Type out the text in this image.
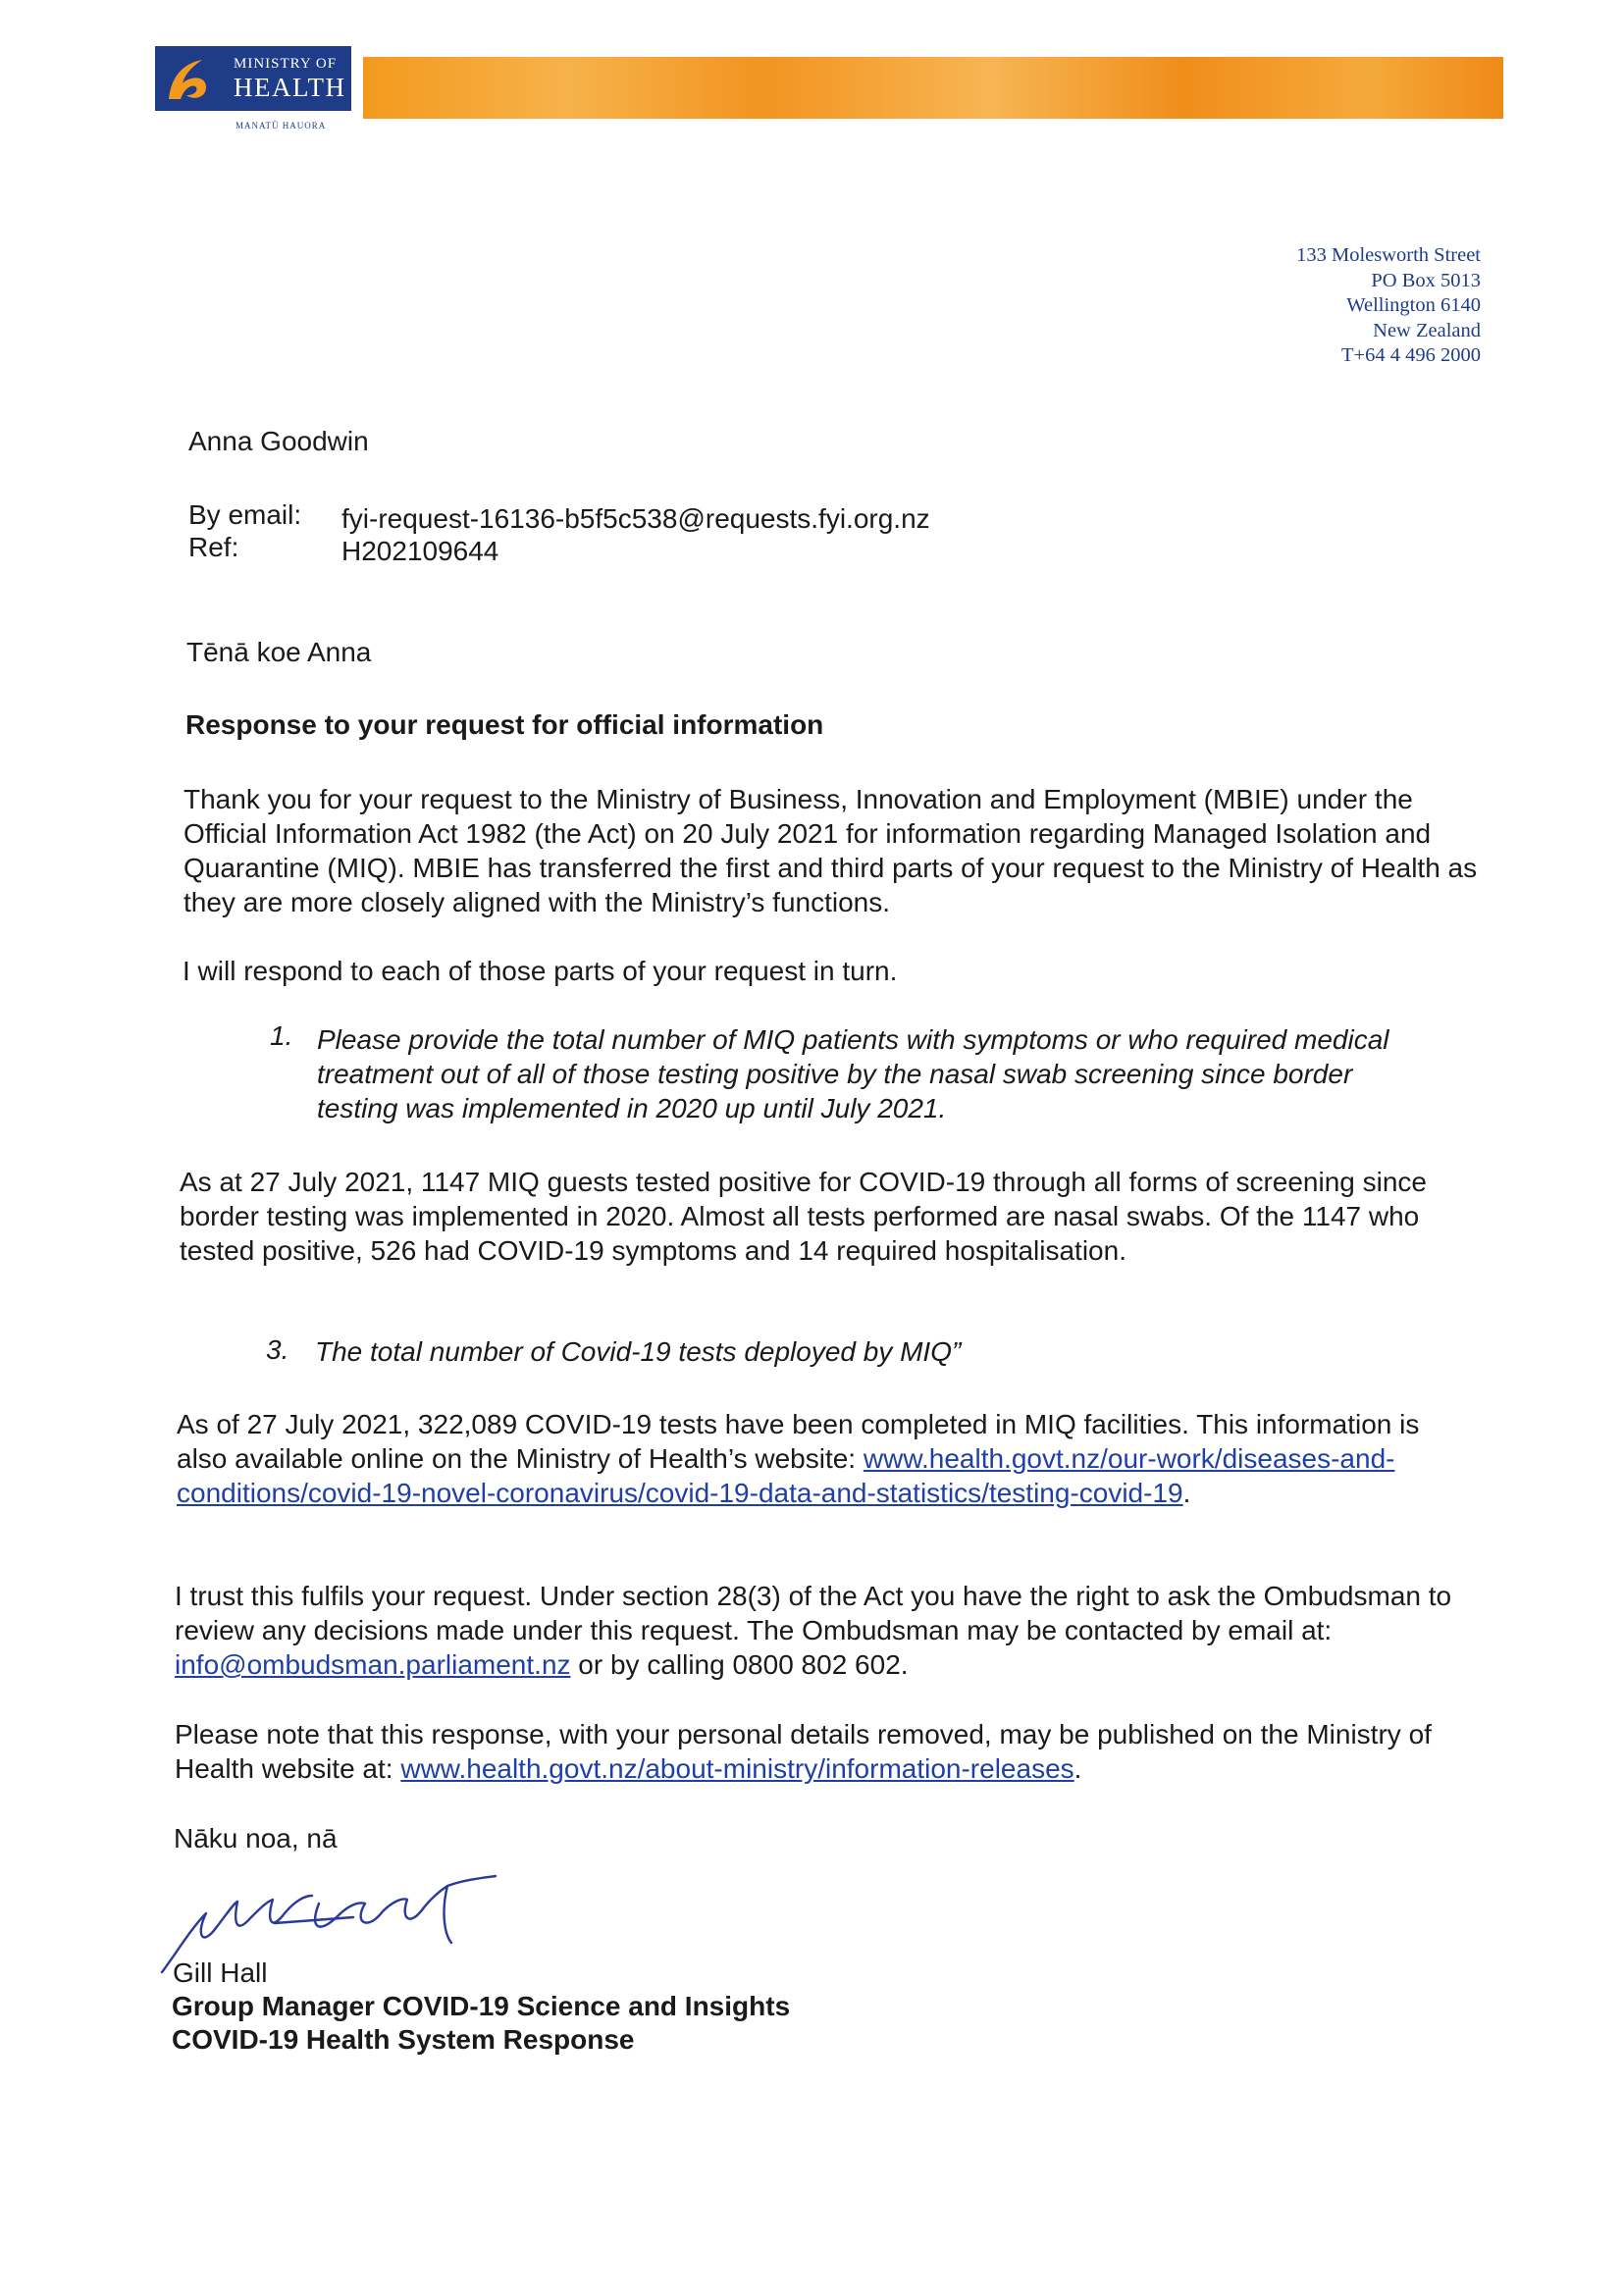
MINISTRY OF
HEALTH
MANATŪ HAUORA
133 Molesworth Street
PO Box 5013
Wellington 6140
New Zealand
T+64 4 496 2000
Anna Goodwin
By email: fyi-request-16136-b5f5c538@requests.fyi.org.nz
Ref:	H202109644
Tēnā koe Anna
Response to your request for official information
Thank you for your request to the Ministry of Business, Innovation and Employment (MBIE) under the Official Information Act 1982 (the Act) on 20 July 2021 for information regarding Managed Isolation and Quarantine (MIQ). MBIE has transferred the first and third parts of your request to the Ministry of Health as they are more closely aligned with the Ministry’s functions.
I will respond to each of those parts of your request in turn.
1. Please provide the total number of MIQ patients with symptoms or who required medical treatment out of all of those testing positive by the nasal swab screening since border testing was implemented in 2020 up until July 2021.
As at 27 July 2021, 1147 MIQ guests tested positive for COVID-19 through all forms of screening since border testing was implemented in 2020. Almost all tests performed are nasal swabs. Of the 1147 who tested positive, 526 had COVID-19 symptoms and 14 required hospitalisation.
3. The total number of Covid-19 tests deployed by MIQ”
As of 27 July 2021, 322,089 COVID-19 tests have been completed in MIQ facilities. This information is also available online on the Ministry of Health’s website: www.health.govt.nz/our-work/diseases-and-conditions/covid-19-novel-coronavirus/covid-19-data-and-statistics/testing-covid-19.
I trust this fulfils your request. Under section 28(3) of the Act you have the right to ask the Ombudsman to review any decisions made under this request. The Ombudsman may be contacted by email at: info@ombudsman.parliament.nz or by calling 0800 802 602.
Please note that this response, with your personal details removed, may be published on the Ministry of Health website at: www.health.govt.nz/about-ministry/information-releases.
Nāku noa, nā
Gill Hall
Group Manager COVID-19 Science and Insights
COVID-19 Health System Response
